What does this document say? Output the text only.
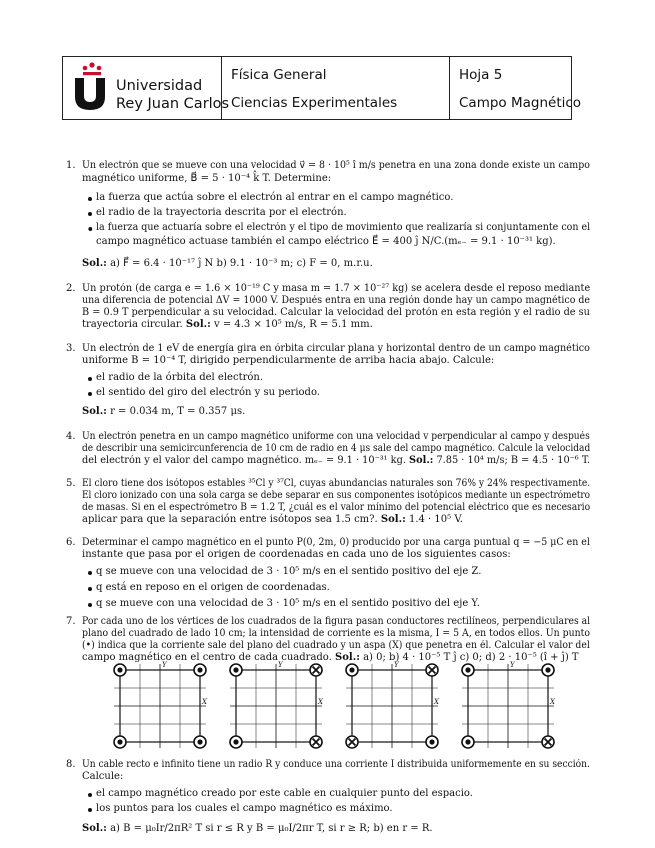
Física General
Ciencias Experimentales
Hoja 5
Campo Magnético
Universidad
Rey Juan Carlos
1. Un electrón que se mueve con una velocidad v⃗ = 8 · 10⁵ î m/s penetra en una zona donde existe un campo
magnético uniforme, B⃗ = 5 · 10⁻⁴ k̂ T. Determine:
la fuerza que actúa sobre el electrón al entrar en el campo magnético.
el radio de la trayectoria descrita por el electrón.
la fuerza que actuaría sobre el electrón y el tipo de movimiento que realizaría si conjuntamente con el
campo magnético actuase también el campo eléctrico E⃗ = 400 ĵ N/C.(mₑ₋ = 9.1 · 10⁻³¹ kg).
Sol.: a) F⃗ = 6.4 · 10⁻¹⁷ ĵ N b) 9.1 · 10⁻³ m; c) F = 0, m.r.u.
2. Un protón (de carga e = 1.6 × 10⁻¹⁹ C y masa m = 1.7 × 10⁻²⁷ kg) se acelera desde el reposo mediante
una diferencia de potencial ΔV = 1000 V. Después entra en una región donde hay un campo magnético de
B = 0.9 T perpendicular a su velocidad. Calcular la velocidad del protón en esta región y el radio de su
trayectoria circular. Sol.: v = 4.3 × 10⁵ m/s, R = 5.1 mm.
3. Un electrón de 1 eV de energía gira en órbita circular plana y horizontal dentro de un campo magnético
uniforme B = 10⁻⁴ T, dirigido perpendicularmente de arriba hacia abajo. Calcule:
el radio de la órbita del electrón.
el sentido del giro del electrón y su periodo.
Sol.: r = 0.034 m, T = 0.357 μs.
4. Un electrón penetra en un campo magnético uniforme con una velocidad v perpendicular al campo y después
de describir una semicircunferencia de 10 cm de radio en 4 μs sale del campo magnético. Calcule la velocidad
del electrón y el valor del campo magnético. mₑ₋ = 9.1 · 10⁻³¹ kg. Sol.: 7.85 · 10⁴ m/s; B = 4.5 · 10⁻⁶ T.
5. El cloro tiene dos isótopos estables ³⁵Cl y ³⁷Cl, cuyas abundancias naturales son 76% y 24% respectivamente.
El cloro ionizado con una sola carga se debe separar en sus componentes isotópicos mediante un espectrómetro
de masas. Si en el espectrómetro B = 1.2 T, ¿cuál es el valor mínimo del potencial eléctrico que es necesario
aplicar para que la separación entre isótopos sea 1.5 cm?. Sol.: 1.4 · 10⁵ V.
6. Determinar el campo magnético en el punto P(0, 2m, 0) producido por una carga puntual q = −5 μC en el
instante que pasa por el origen de coordenadas en cada uno de los siguientes casos:
q se mueve con una velocidad de 3 · 10⁵ m/s en el sentido positivo del eje Z.
q está en reposo en el origen de coordenadas.
q se mueve con una velocidad de 3 · 10⁵ m/s en el sentido positivo del eje Y.
7. Por cada uno de los vértices de los cuadrados de la figura pasan conductores rectilíneos, perpendiculares al
plano del cuadrado de lado 10 cm; la intensidad de corriente es la misma, I = 5 A, en todos ellos. Un punto
(•) indica que la corriente sale del plano del cuadrado y un aspa (X) que penetra en él. Calcular el valor del
campo magnético en el centro de cada cuadrado. Sol.: a) 0; b) 4 · 10⁻⁵ T ĵ c) 0; d) 2 · 10⁻⁵ (î + ĵ) T
Y
X
Y
X
Y
X
Y
X
8. Un cable recto e infinito tiene un radio R y conduce una corriente I distribuida uniformemente en su sección.
Calcule:
el campo magnético creado por este cable en cualquier punto del espacio.
los puntos para los cuales el campo magnético es máximo.
Sol.: a) B = μ₀Ir/2πR² T si r ≤ R y B = μ₀I/2πr T, si r ≥ R; b) en r = R.
